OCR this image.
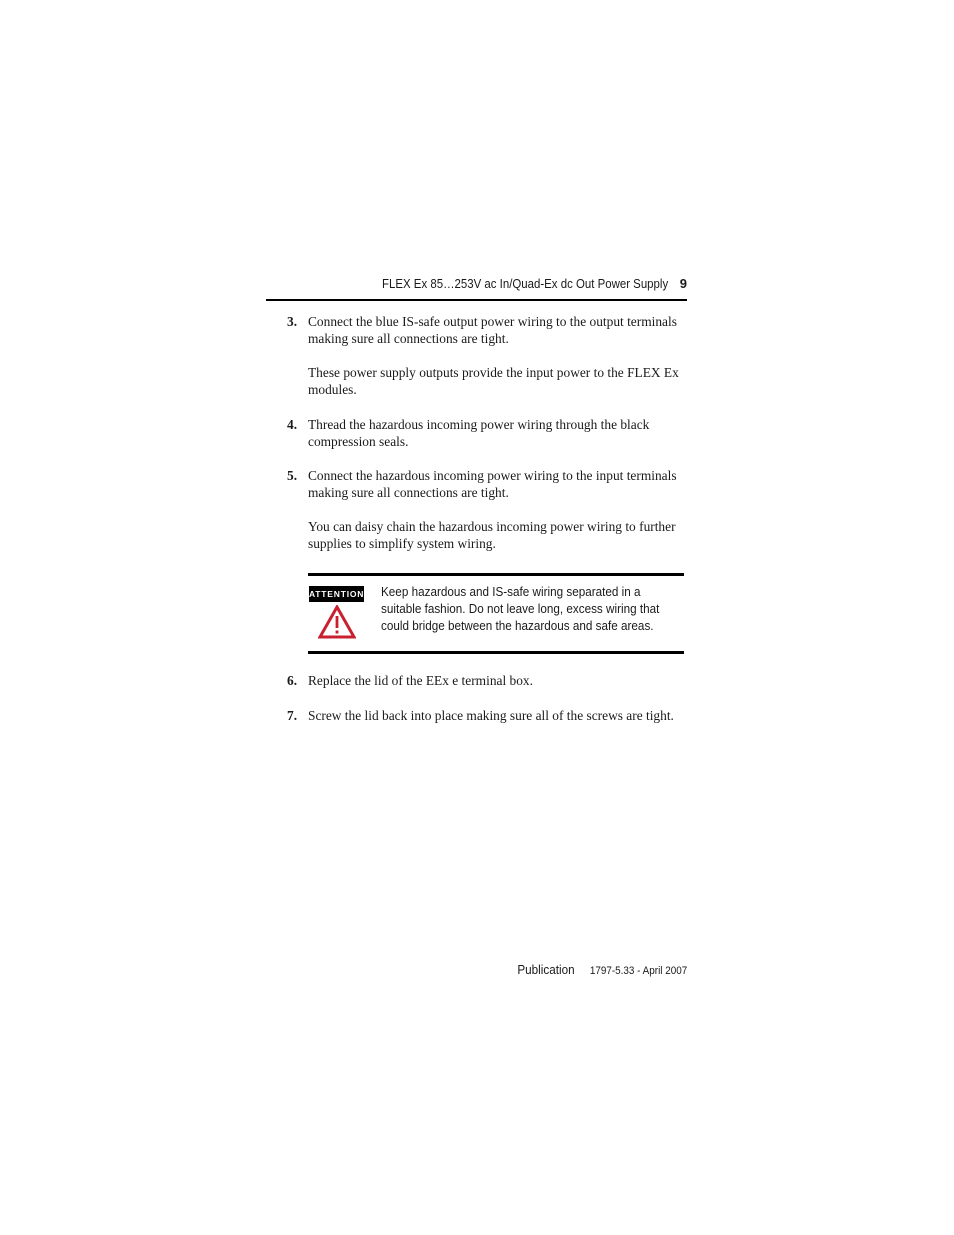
FLEX Ex 85…253V ac In/Quad-Ex dc Out Power Supply 9
3. Connect the blue IS-safe output power wiring to the output terminals making sure all connections are tight.

These power supply outputs provide the input power to the FLEX Ex modules.

4. Thread the hazardous incoming power wiring through the black compression seals.

5. Connect the hazardous incoming power wiring to the input terminals making sure all connections are tight.

You can daisy chain the hazardous incoming power wiring to further supplies to simplify system wiring.

ATTENTION Keep hazardous and IS-safe wiring separated in a suitable fashion. Do not leave long, excess wiring that could bridge between the hazardous and safe areas.
6. Replace the lid of the EEx e terminal box.

7. Screw the lid back into place making sure all of the screws are tight.

Publication 1797-5.33 - April 2007
